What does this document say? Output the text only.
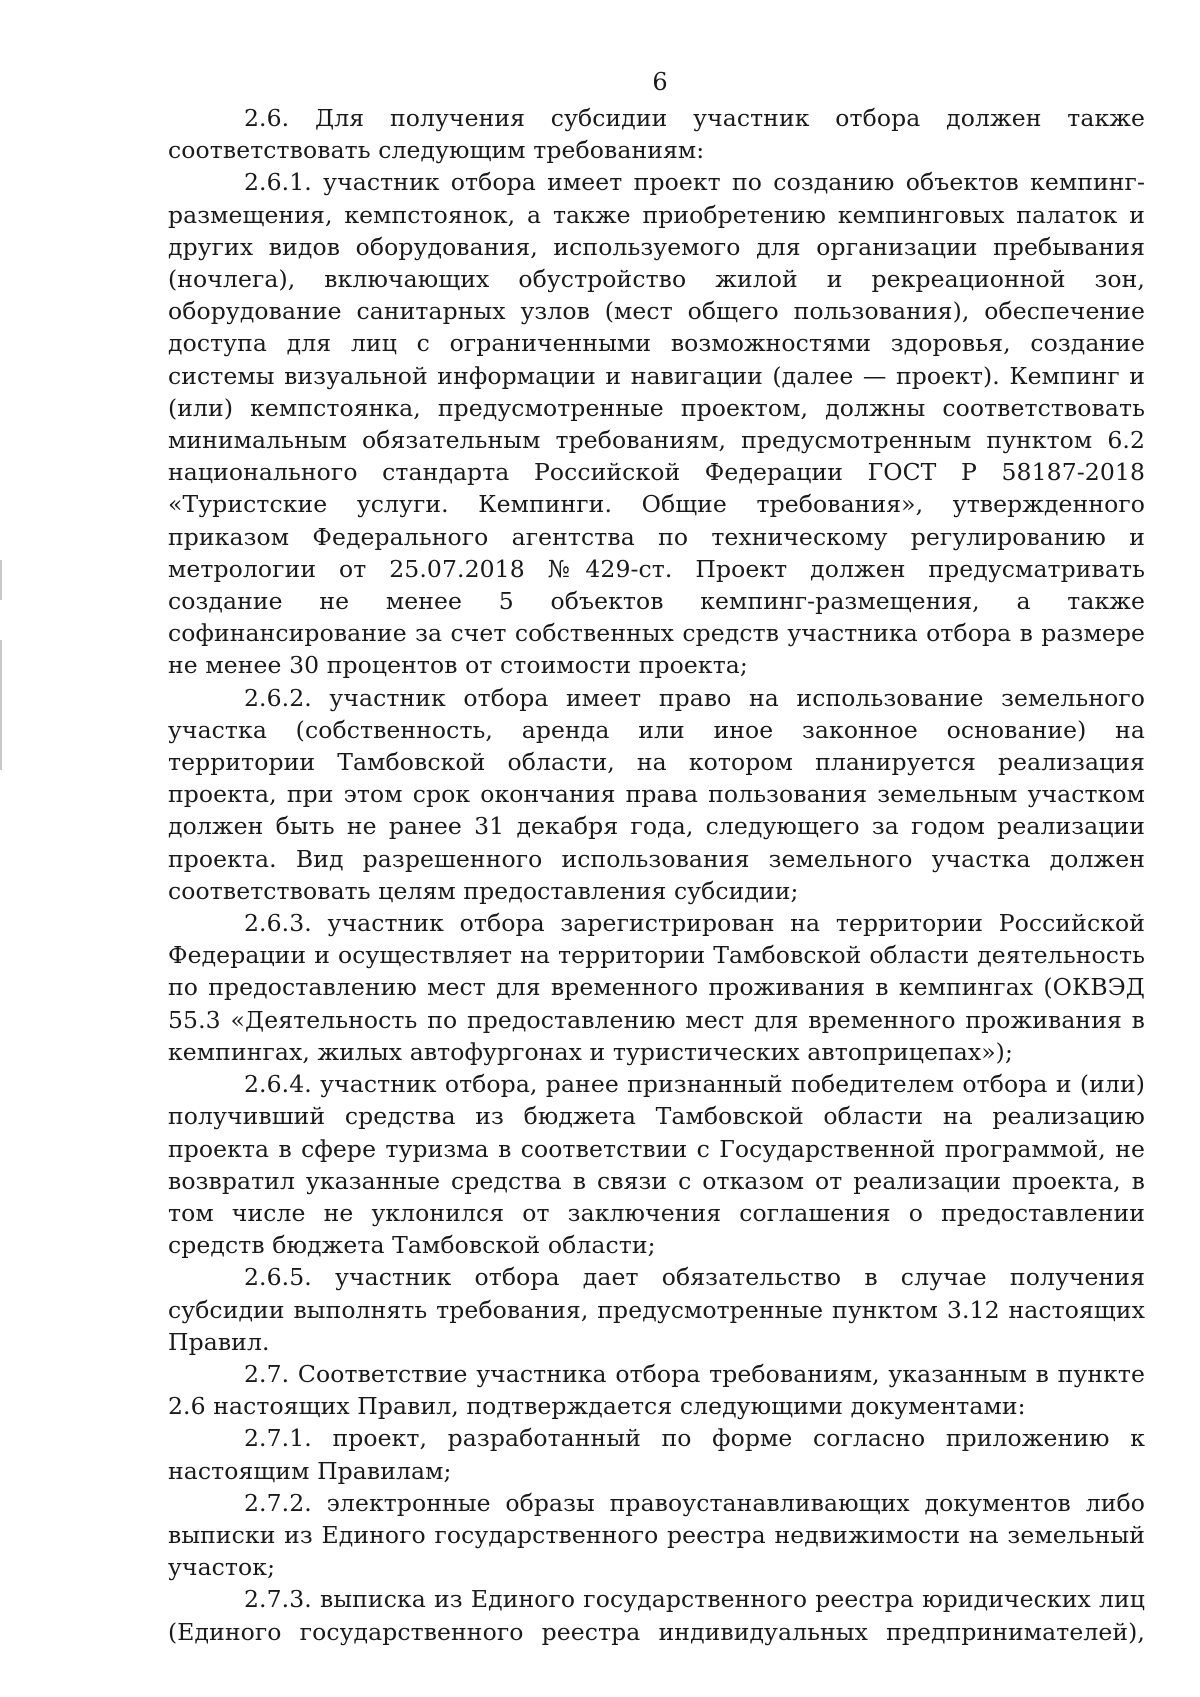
6

2.6. Для получения субсидии участник отбора должен также соответствовать следующим требованиям:

2.6.1. участник отбора имеет проект по созданию объектов кемпинг-размещения, кемпстоянок, а также приобретению кемпинговых палаток и других видов оборудования, используемого для организации пребывания (ночлега), включающих обустройство жилой и рекреационной зон, оборудование санитарных узлов (мест общего пользования), обеспечение доступа для лиц с ограниченными возможностями здоровья, создание системы визуальной информации и навигации (далее — проект). Кемпинг и (или) кемпстоянка, предусмотренные проектом, должны соответствовать минимальным обязательным требованиям, предусмотренным пунктом 6.2 национального стандарта Российской Федерации ГОСТ Р 58187-2018 «Туристские услуги. Кемпинги. Общие требования», утвержденного приказом Федерального агентства по техническому регулированию и метрологии от 25.07.2018 №429-ст. Проект должен предусматривать создание не менее 5 объектов кемпинг-размещения, а также софинансирование за счет собственных средств участника отбора в размере не менее 30 процентов от стоимости проекта;

2.6.2. участник отбора имеет право на использование земельного участка (собственность, аренда или иное законное основание) на территории Тамбовской области, на котором планируется реализация проекта, при этом срок окончания права пользования земельным участком должен быть не ранее 31 декабря года, следующего за годом реализации проекта. Вид разрешенного использования земельного участка должен соответствовать целям предоставления субсидии;

2.6.3. участник отбора зарегистрирован на территории Российской Федерации и осуществляет на территории Тамбовской области деятельность по предоставлению мест для временного проживания в кемпингах (ОКВЭД 55.3 «Деятельность по предоставлению мест для временного проживания в кемпингах, жилых автофургонах и туристических автоприцепах»);

2.6.4. участник отбора, ранее признанный победителем отбора и (или) получивший средства из бюджета Тамбовской области на реализацию проекта в сфере туризма в соответствии с Государственной программой, не возвратил указанные средства в связи с отказом от реализации проекта, в том числе не уклонился от заключения соглашения о предоставлении средств бюджета Тамбовской области;

2.6.5. участник отбора дает обязательство в случае получения субсидии выполнять требования, предусмотренные пунктом 3.12 настоящих Правил.

2.7. Соответствие участника отбора требованиям, указанным в пункте 2.6 настоящих Правил, подтверждается следующими документами:

2.7.1. проект, разработанный по форме согласно приложению к настоящим Правилам;

2.7.2. электронные образы правоустанавливающих документов либо выписки из Единого государственного реестра недвижимости на земельный участок;

2.7.3. выписка из Единого государственного реестра юридических лиц (Единого государственного реестра индивидуальных предпринимателей),
